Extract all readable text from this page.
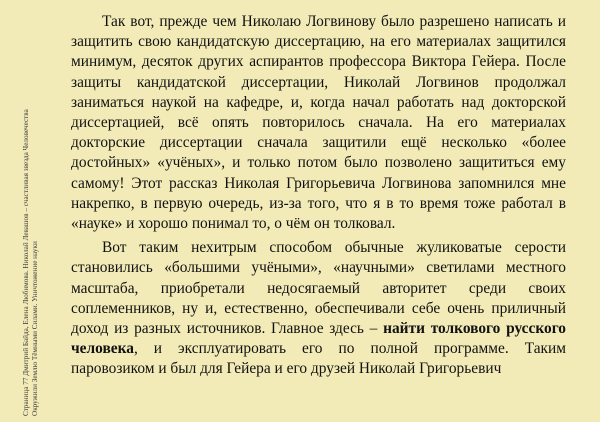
Страница 77 Дмитрий Байда, Елена Любимова. Николай Левашов – счастливая звезда Человечества Окружили Землю Тёмными Силами. Уничтожение науки

Так вот, прежде чем Николаю Логвинову было разрешено написать и защитить свою кандидатскую диссертацию, на его материалах защитился минимум, десяток других аспирантов профессора Виктора Гейера. После защиты кандидатской диссертации, Николай Логвинов продолжал заниматься наукой на кафедре, и, когда начал работать над докторской диссертацией, всё опять повторилось сначала. На его материалах докторские диссертации сначала защитили ещё несколько «более достойных» «учёных», и только потом было позволено защититься ему самому! Этот рассказ Николая Григорьевича Логвинова запомнился мне накрепко, в первую очередь, из-за того, что я в то время тоже работал в «науке» и хорошо понимал то, о чём он толковал.

Вот таким нехитрым способом обычные жуликоватые серости становились «большими учёными», «научными» светилами местного масштаба, приобретали недосягаемый авторитет среди своих соплеменников, ну и, естественно, обеспечивали себе очень приличный доход из разных источников. Главное здесь – найти толкового русского человека, и эксплуатировать его по полной программе. Таким паровозиком и был для Гейера и его друзей Николай Григорьевич
